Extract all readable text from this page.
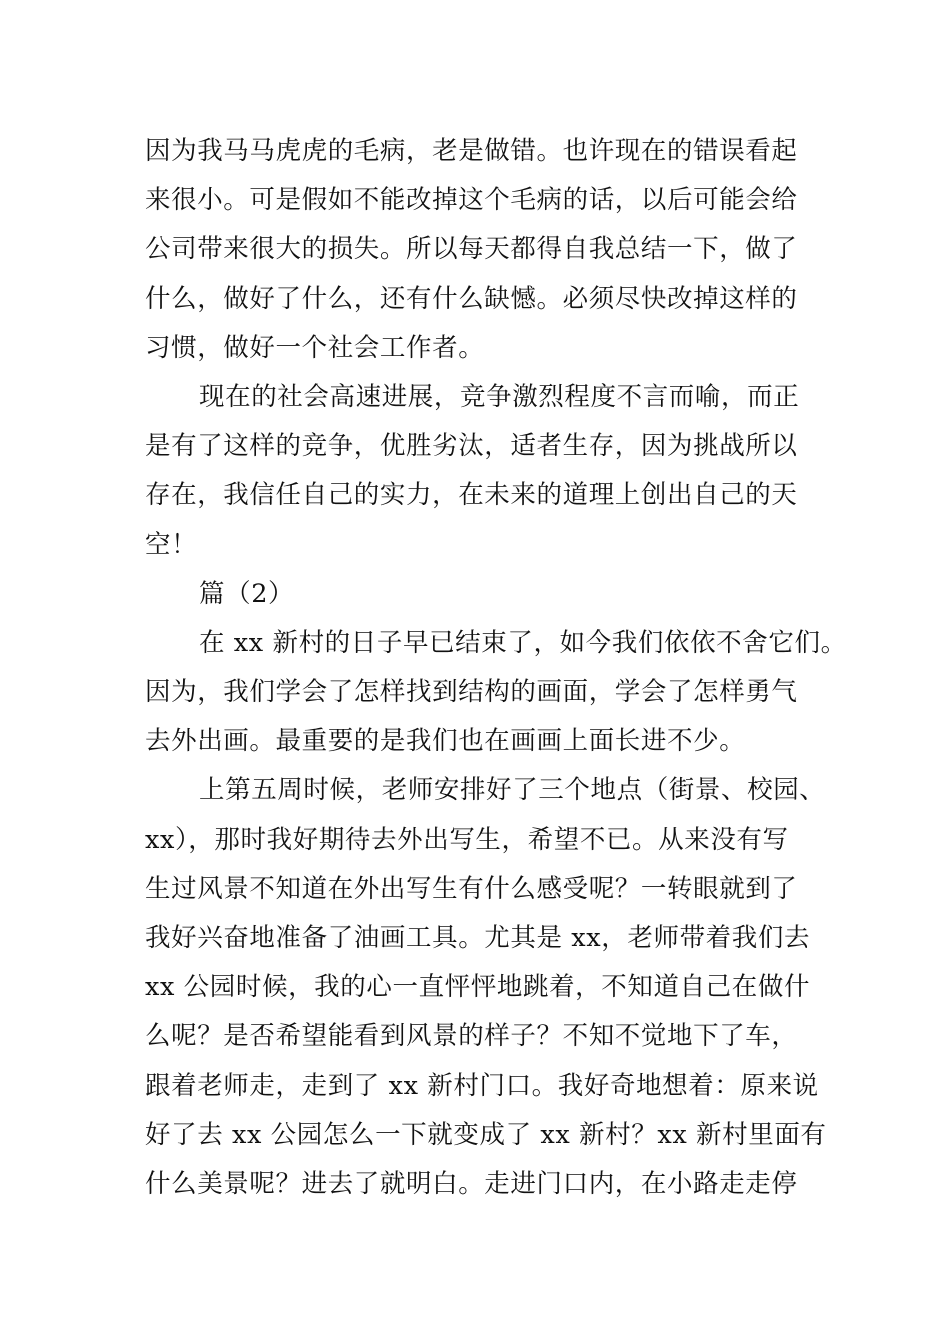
因为我马马虎虎的毛病，老是做错。也许现在的错误看起
来很小。可是假如不能改掉这个毛病的话，以后可能会给
公司带来很大的损失。所以每天都得自我总结一下，做了
什么，做好了什么，还有什么缺憾。必须尽快改掉这样的
习惯，做好一个社会工作者。
现在的社会高速进展，竞争激烈程度不言而喻，而正
是有了这样的竞争，优胜劣汰，适者生存，因为挑战所以
存在，我信任自己的实力，在未来的道理上创出自己的天
空！
篇（2）
在 xx 新村的日子早已结束了，如今我们依依不舍它们。
因为，我们学会了怎样找到结构的画面，学会了怎样勇气
去外出画。最重要的是我们也在画画上面长进不少。
上第五周时候，老师安排好了三个地点（街景、校园、
xx），那时我好期待去外出写生，希望不已。从来没有写
生过风景不知道在外出写生有什么感受呢？一转眼就到了
我好兴奋地准备了油画工具。尤其是 xx，老师带着我们去
xx 公园时候，我的心一直怦怦地跳着，不知道自己在做什
么呢？是否希望能看到风景的样子？不知不觉地下了车，
跟着老师走，走到了 xx 新村门口。我好奇地想着：原来说
好了去 xx 公园怎么一下就变成了 xx 新村？xx 新村里面有
什么美景呢？进去了就明白。走进门口内，在小路走走停
